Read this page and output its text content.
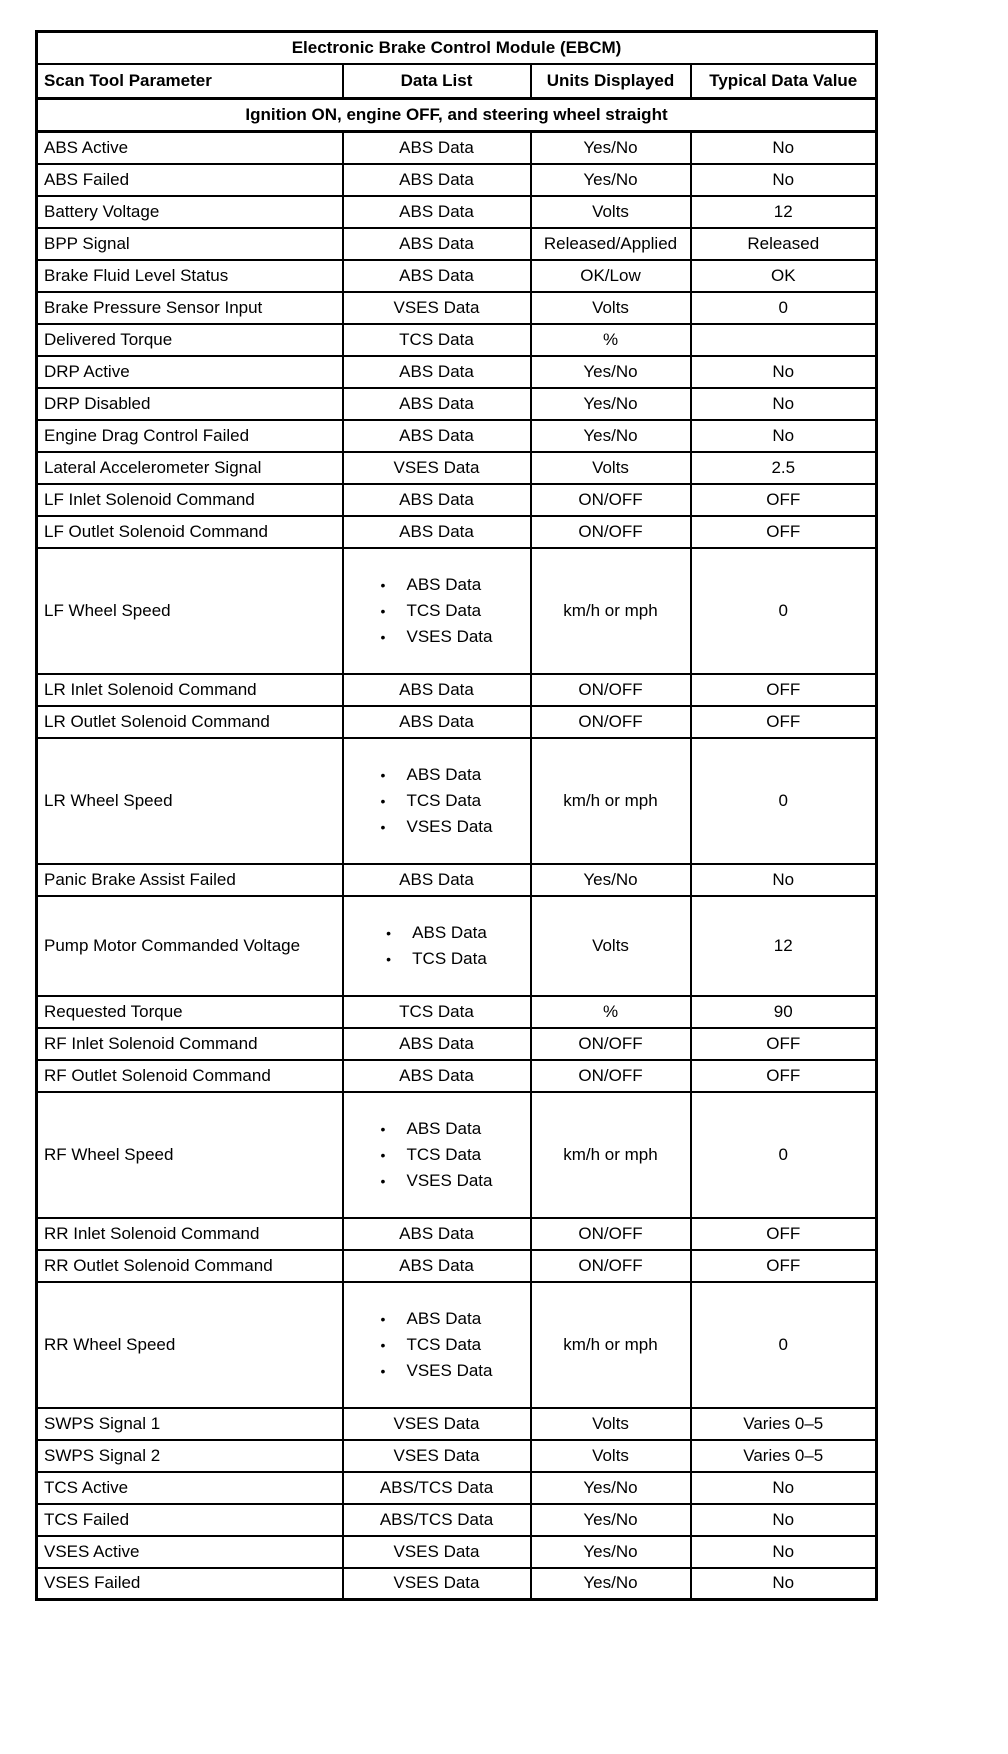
Electronic Brake Control Module (EBCM)			
Scan Tool Parameter	Data List	Units Displayed	Typical Data Value
Ignition ON, engine OFF, and steering wheel straight			
ABS Active	ABS Data	Yes/No	No
ABS Failed	ABS Data	Yes/No	No
Battery Voltage	ABS Data	Volts	12
BPP Signal	ABS Data	Released/Applied	Released
Brake Fluid Level Status	ABS Data	OK/Low	OK
Brake Pressure Sensor Input	VSES Data	Volts	0
Delivered Torque	TCS Data	%	
DRP Active	ABS Data	Yes/No	No
DRP Disabled	ABS Data	Yes/No	No
Engine Drag Control Failed	ABS Data	Yes/No	No
Lateral Accelerometer Signal	VSES Data	Volts	2.5
LF Inlet Solenoid Command	ABS Data	ON/OFF	OFF
LF Outlet Solenoid Command	ABS Data	ON/OFF	OFF
LF Wheel Speed	• ABS Data
• TCS Data
• VSES Data	km/h or mph	0
LR Inlet Solenoid Command	ABS Data	ON/OFF	OFF
LR Outlet Solenoid Command	ABS Data	ON/OFF	OFF
LR Wheel Speed	• ABS Data
• TCS Data
• VSES Data	km/h or mph	0
Panic Brake Assist Failed	ABS Data	Yes/No	No
Pump Motor Commanded Voltage	• ABS Data
• TCS Data	Volts	12
Requested Torque	TCS Data	%	90
RF Inlet Solenoid Command	ABS Data	ON/OFF	OFF
RF Outlet Solenoid Command	ABS Data	ON/OFF	OFF
RF Wheel Speed	• ABS Data
• TCS Data
• VSES Data	km/h or mph	0
RR Inlet Solenoid Command	ABS Data	ON/OFF	OFF
RR Outlet Solenoid Command	ABS Data	ON/OFF	OFF
RR Wheel Speed	• ABS Data
• TCS Data
• VSES Data	km/h or mph	0
SWPS Signal 1	VSES Data	Volts	Varies 0–5
SWPS Signal 2	VSES Data	Volts	Varies 0–5
TCS Active	ABS/TCS Data	Yes/No	No
TCS Failed	ABS/TCS Data	Yes/No	No
VSES Active	VSES Data	Yes/No	No
VSES Failed	VSES Data	Yes/No	No
